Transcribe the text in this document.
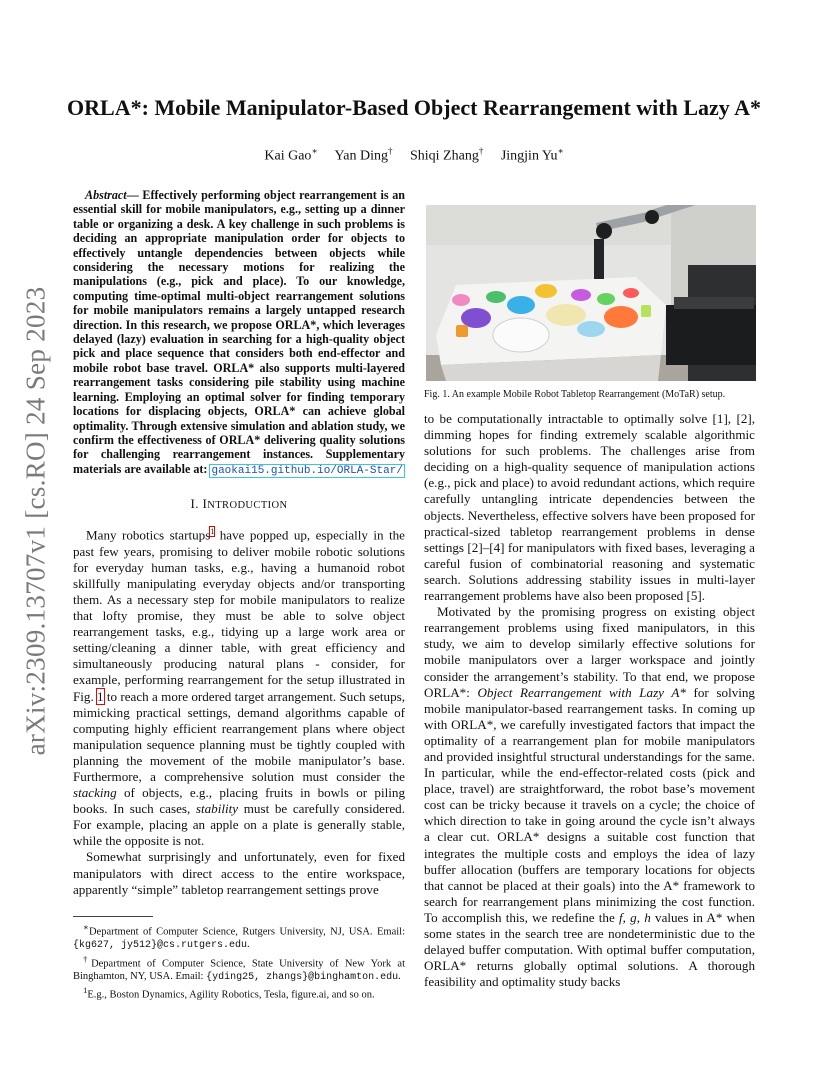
arXiv:2309.13707v1 [cs.RO] 24 Sep 2023
ORLA*: Mobile Manipulator-Based Object Rearrangement with Lazy A*
Kai Gao∗ Yan Ding† Shiqi Zhang† Jingjin Yu∗

Abstract— Effectively performing object rearrangement is an essential skill for mobile manipulators, e.g., setting up a dinner table or organizing a desk. A key challenge in such problems is deciding an appropriate manipulation order for objects to effectively untangle dependencies between objects while considering the necessary motions for realizing the manipulations (e.g., pick and place). To our knowledge, computing time-optimal multi-object rearrangement solutions for mobile manipulators remains a largely untapped research direction. In this research, we propose ORLA*, which leverages delayed (lazy) evaluation in searching for a high-quality object pick and place sequence that considers both end-effector and mobile robot base travel. ORLA* also supports multi-layered rearrangement tasks considering pile stability using machine learning. Employing an optimal solver for finding temporary locations for displacing objects, ORLA* can achieve global optimality. Through extensive simulation and ablation study, we confirm the effectiveness of ORLA* delivering quality solutions for challenging rearrangement instances. Supplementary materials are available at: gaokai15.github.io/ORLA-Star/

I. INTRODUCTION

Many robotics startups$^1$ have popped up, especially in the past few years, promising to deliver mobile robotic solutions for everyday human tasks, e.g., having a humanoid robot skillfully manipulating everyday objects and/or transporting them. As a necessary step for mobile manipulators to realize that lofty promise, they must be able to solve object rearrangement tasks, e.g., tidying up a large work area or setting/cleaning a dinner table, with great efficiency and simultaneously producing natural plans - consider, for example, performing rearrangement for the setup illustrated in Fig. 1 to reach a more ordered target arrangement. Such setups, mimicking practical settings, demand algorithms capable of computing highly efficient rearrangement plans where object manipulation sequence planning must be tightly coupled with planning the movement of the mobile manipulator’s base. Furthermore, a comprehensive solution must consider the stacking of objects, e.g., placing fruits in bowls or piling books. In such cases, stability must be carefully considered. For example, placing an apple on a plate is generally stable, while the opposite is not.

Somewhat surprisingly and unfortunately, even for fixed manipulators with direct access to the entire workspace, apparently “simple” tabletop rearrangement settings prove

∗Department of Computer Science, Rutgers University, NJ, USA. Email: {kg627, jy512}@cs.rutgers.edu.
†Department of Computer Science, State University of New York at Binghamton, NY, USA. Email: {yding25, zhangs}@binghamton.edu.
$^1$E.g., Boston Dynamics, Agility Robotics, Tesla, figure.ai, and so on.
Fig. 1. An example Mobile Robot Tabletop Rearrangement (MoTaR) setup.

to be computationally intractable to optimally solve [1], [2], dimming hopes for finding extremely scalable algorithmic solutions for such problems. The challenges arise from deciding on a high-quality sequence of manipulation actions (e.g., pick and place) to avoid redundant actions, which require carefully untangling intricate dependencies between the objects. Nevertheless, effective solvers have been proposed for practical-sized tabletop rearrangement problems in dense settings [2]–[4] for manipulators with fixed bases, leveraging a careful fusion of combinatorial reasoning and systematic search. Solutions addressing stability issues in multi-layer rearrangement problems have also been proposed [5].

Motivated by the promising progress on existing object rearrangement problems using fixed manipulators, in this study, we aim to develop similarly effective solutions for mobile manipulators over a larger workspace and jointly consider the arrangement’s stability. To that end, we propose ORLA*: Object Rearrangement with Lazy A* for solving mobile manipulator-based rearrangement tasks. In coming up with ORLA*, we carefully investigated factors that impact the optimality of a rearrangement plan for mobile manipulators and provided insightful structural understandings for the same. In particular, while the end-effector-related costs (pick and place, travel) are straightforward, the robot base’s movement cost can be tricky because it travels on a cycle; the choice of which direction to take in going around the cycle isn’t always a clear cut. ORLA* designs a suitable cost function that integrates the multiple costs and employs the idea of lazy buffer allocation (buffers are temporary locations for objects that cannot be placed at their goals) into the A* framework to search for rearrangement plans minimizing the cost function. To accomplish this, we redefine the f, g, h values in A* when some states in the search tree are nondeterministic due to the delayed buffer computation. With optimal buffer computation, ORLA* returns globally optimal solutions. A thorough feasibility and optimality study backs
